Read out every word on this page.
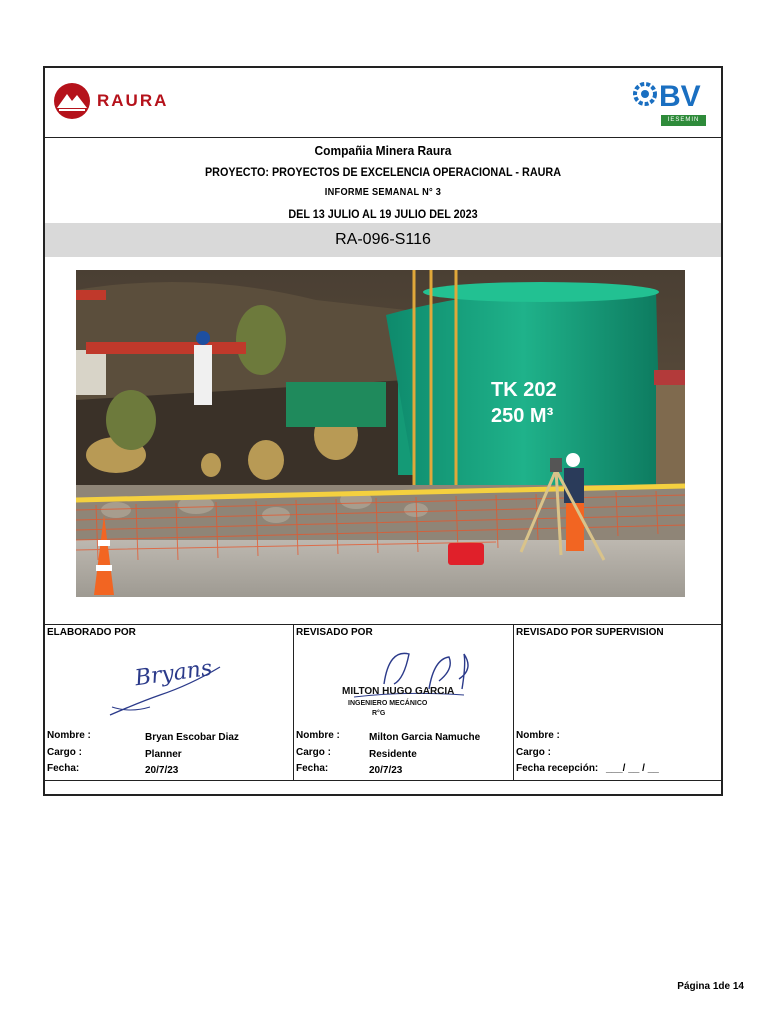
RAURA	BV
IESEMIN
Compañia Minera Raura
PROYECTO: PROYECTOS DE EXCELENCIA OPERACIONAL - RAURA
INFORME SEMANAL N° 3
DEL 13 JULIO AL 19 JULIO DEL 2023
RA-096-S116
TK 202
250 M³
ELABORADO POR
Bryans
Nombre :	Bryan Escobar Diaz
Cargo :	Planner
Fecha:	20/7/23
REVISADO POR
MILTON HUGO GARCIA
INGENIERO MECÁNICO
R°G
Nombre :	Milton Garcia Namuche
Cargo :	Residente
Fecha:	20/7/23
REVISADO POR SUPERVISION
Nombre :
Cargo :
Fecha recepción: ___/ __ / __
Página 1de 14
